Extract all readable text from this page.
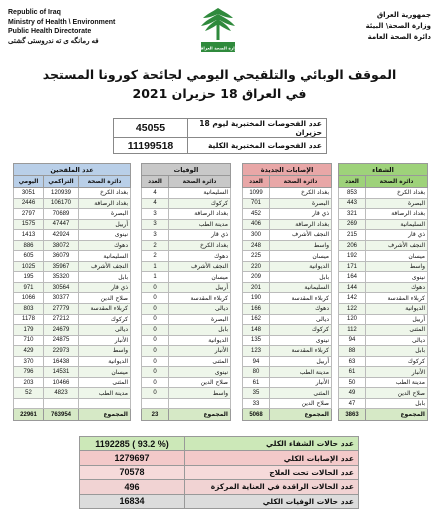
Republic of Iraq
Ministry of Health \ Environment
Public Health Directorate
فه رمانگه ی ته ندروستی گشتی
وزارة الصحة العراقية
جمهورية العراق
وزارة الصحة\ البيئة
دائرة الصحة العامة
الموقف الوبائي والتلقيحي اليومي لجائحة كورونا المستجد
في العراق 18 حزيران 2021
45055	عدد الفحوصات المختبرية ليوم 18 حزيران
11199518	عدد الفحوصات المختبرية الكلية
عدد الملقحين		
اليومي	التراكمي	دائرة الصحة
3051	120939	بغداد الكرخ
2446	106170	بغداد الرصافة
2797	70689	البصرة
1575	47447	أربيل
1413	42924	نينوى
886	38072	دهوك
605	36079	السليمانية
1025	35967	النجف الأشرف
195	35320	بابل
971	30564	ذي قار
1066	30377	صلاح الدين
803	27779	كربلاء المقدسة
1178	27212	كركوك
179	24679	ديالى
710	24875	الأنبار
429	22973	واسط
370	16438	الديوانية
796	14531	ميسان
203	10466	المثنى
52	4823	مدينة الطب

22961	763954	المجموع
الوفيات	
العدد	دائرة الصحة
4	السليمانية
4	كركوك
3	بغداد الرصافة
3	مدينة الطب
3	ذي قار
2	بغداد الكرخ
2	دهوك
1	النجف الأشرف
1	ميسان
0	أربيل
0	كربلاء المقدسة
0	ديالى
0	البصرة
0	بابل
0	الديوانية
0	الأنبار
0	المثنى
0	نينوى
0	صلاح الدين
0	واسط

23	المجموع
الإصابات الجديدة	
العدد	دائرة الصحة
1099	بغداد الكرخ
701	البصرة
452	ذي قار
406	بغداد الرصافة
300	النجف الأشرف
248	واسط
225	ميسان
220	الديوانية
209	بابل
201	السليمانية
190	كربلاء المقدسة
166	دهوك
162	ديالى
148	كركوك
135	نينوى
123	كربلاء المقدسة
94	أربيل
80	مدينة الطب
61	الأنبار
35	المثنى
33	صلاح الدين
5068	المجموع
الشفاء	
العدد	دائرة الصحة
853	بغداد الكرخ
443	البصرة
321	بغداد الرصافة
269	السليمانية
215	ذي قار
206	النجف الأشرف
192	ميسان
171	واسط
164	نينوى
144	دهوك
142	كربلاء المقدسة
122	الديوانية
120	أربيل
112	المثنى
94	ديالى
88	بابل
63	كركوك
61	الأنبار
50	مدينة الطب
49	صلاح الدين
47	بابل
3863	المجموع
1192285 ( 93.2 %)	عدد حالات الشفاء الكلي
1279697	عدد الإصابات الكلي
70578	عدد الحالات تحت العلاج
496	عدد الحالات الراقدة في العناية المركزة
16834	عدد حالات الوفيات الكلي
